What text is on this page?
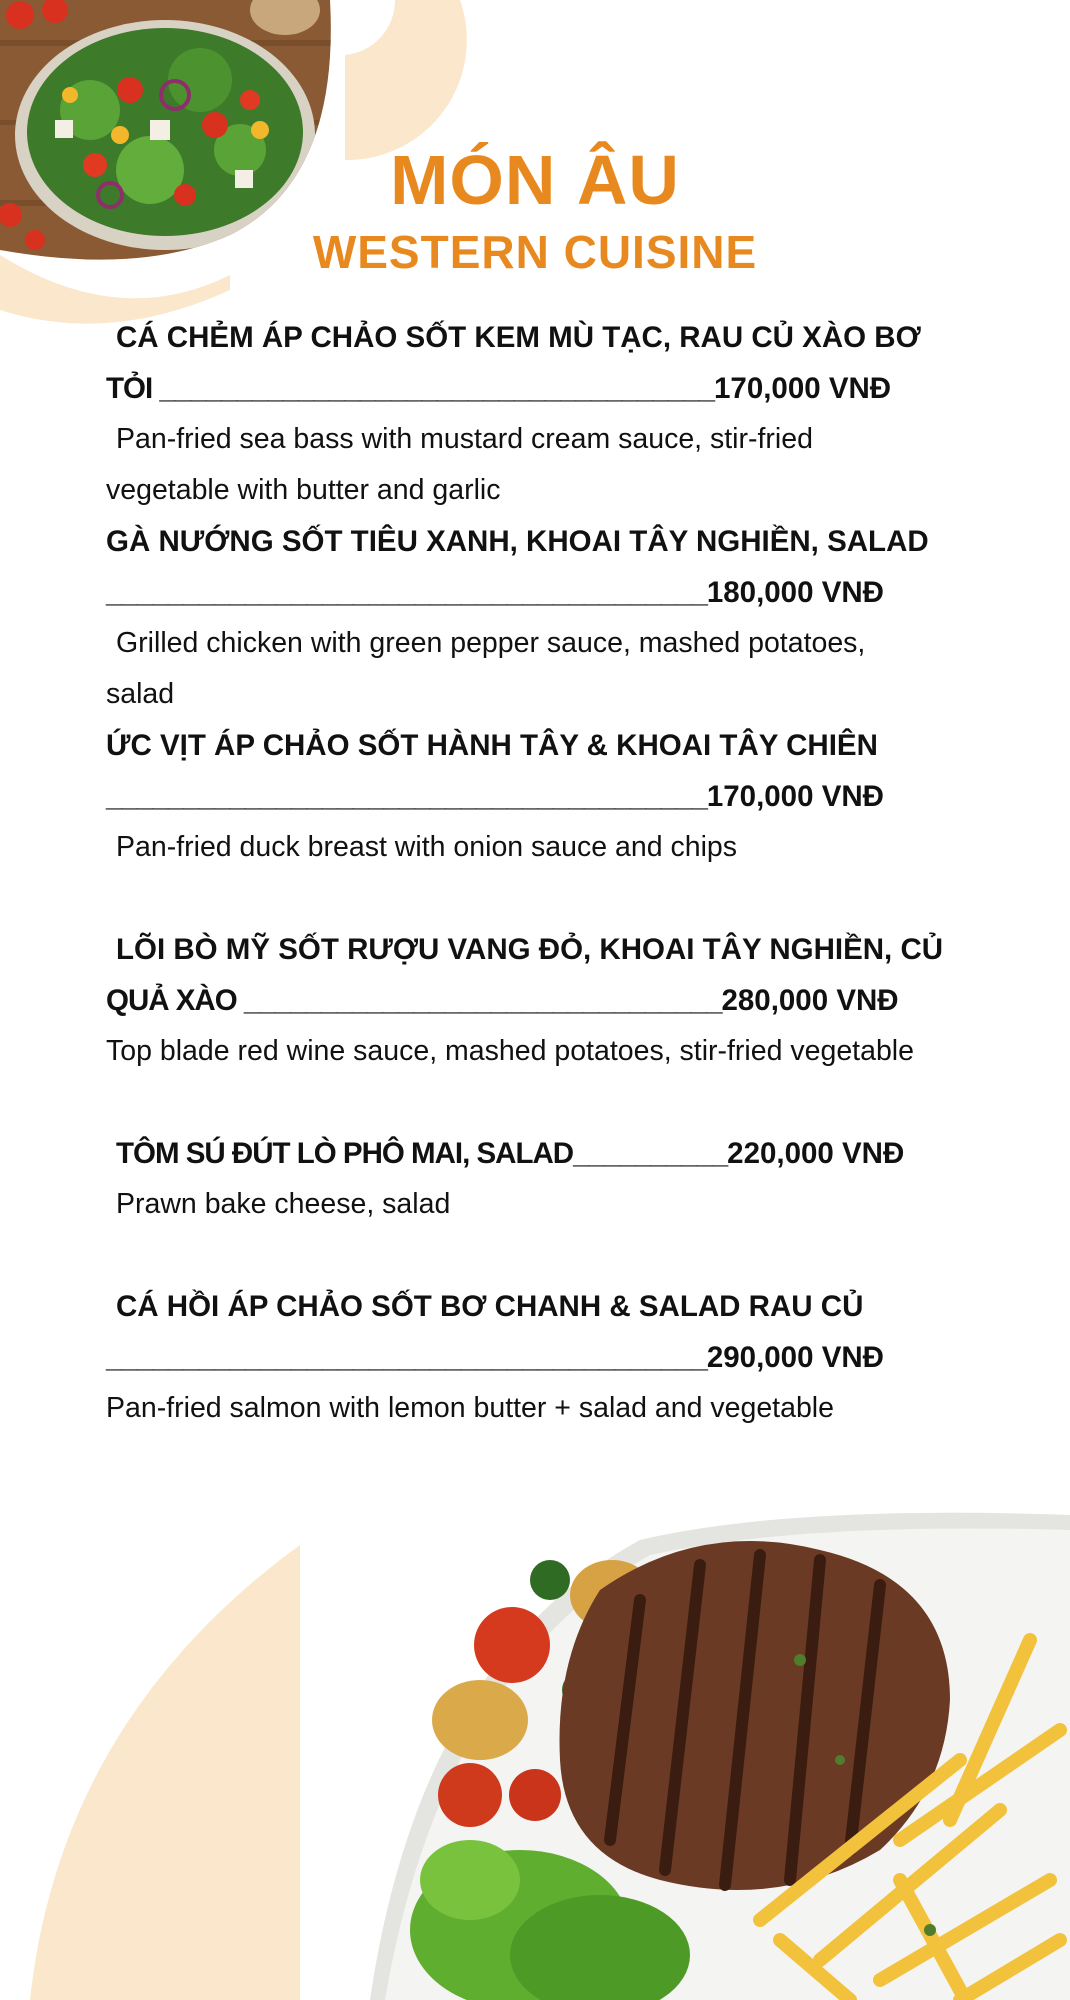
MÓN ÂU
WESTERN CUISINE

CÁ CHẺM ÁP CHẢO SỐT KEM MÙ TẠC, RAU CỦ XÀO BƠ

TỎI ____________________________________170,000 VNĐ

Pan-fried sea bass with mustard cream sauce, stir-fried

vegetable with butter and garlic

GÀ NƯỚNG SỐT TIÊU XANH, KHOAI TÂY NGHIỀN, SALAD

_______________________________________180,000 VNĐ

Grilled chicken with green pepper sauce, mashed potatoes,

salad

ỨC VỊT ÁP CHẢO SỐT HÀNH TÂY & KHOAI TÂY CHIÊN

_______________________________________170,000 VNĐ

Pan-fried duck breast with onion sauce and chips

LÕI BÒ MỸ SỐT RƯỢU VANG ĐỎ, KHOAI TÂY NGHIỀN, CỦ

QUẢ XÀO _______________________________280,000 VNĐ

Top blade red wine sauce, mashed potatoes, stir-fried vegetable

TÔM SÚ ĐÚT LÒ PHÔ MAI, SALAD__________220,000 VNĐ

Prawn bake cheese, salad

CÁ HỒI ÁP CHẢO SỐT BƠ CHANH & SALAD RAU CỦ

_______________________________________290,000 VNĐ

Pan-fried salmon with lemon butter + salad and vegetable
